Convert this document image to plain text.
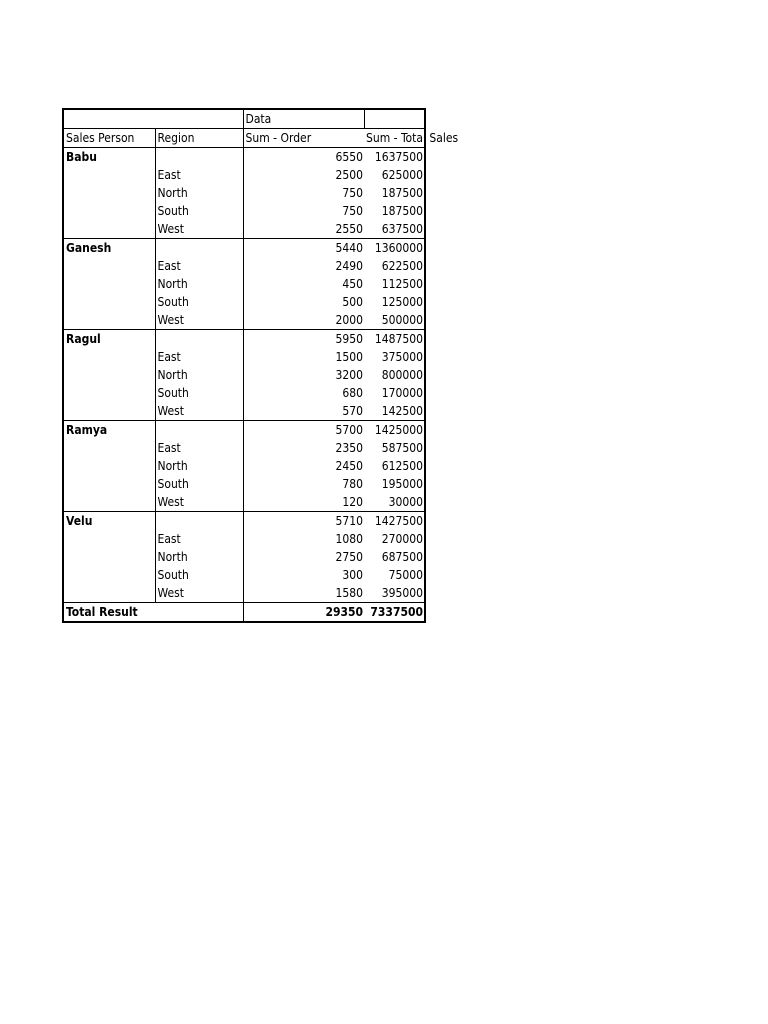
		Data	
Sales Person	Region	Sum - Order	Sum - Total Sales

Babu		6550	1637500
	East	2500	625000
	North	750	187500
	South	750	187500
	West	2550	637500
Ganesh		5440	1360000
	East	2490	622500
	North	450	112500
	South	500	125000
	West	2000	500000
Ragul		5950	1487500
	East	1500	375000
	North	3200	800000
	South	680	170000
	West	570	142500
Ramya		5700	1425000
	East	2350	587500
	North	2450	612500
	South	780	195000
	West	120	30000
Velu		5710	1427500
	East	1080	270000
	North	2750	687500
	South	300	75000
	West	1580	395000
Total Result		29350	7337500
